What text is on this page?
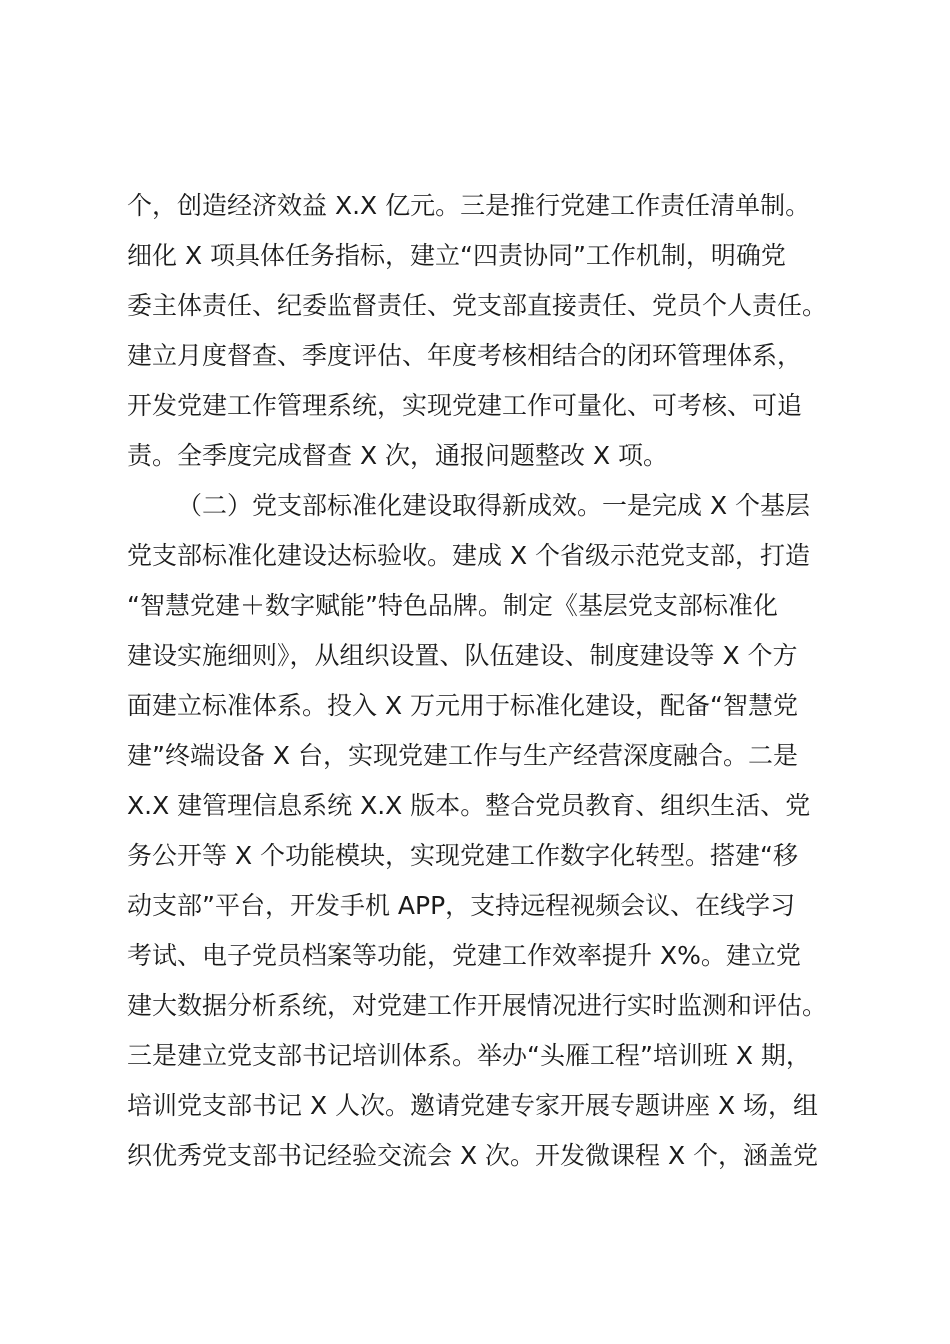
个，创造经济效益 X.X 亿元。三是推行党建工作责任清单制。
细化 X 项具体任务指标，建立“四责协同”工作机制，明确党
委主体责任、纪委监督责任、党支部直接责任、党员个人责任。
建立月度督查、季度评估、年度考核相结合的闭环管理体系，
开发党建工作管理系统，实现党建工作可量化、可考核、可追
责。全季度完成督查 X 次，通报问题整改 X 项。
（二）党支部标准化建设取得新成效。一是完成 X 个基层
党支部标准化建设达标验收。建成 X 个省级示范党支部，打造
“智慧党建＋数字赋能”特色品牌。制定《基层党支部标准化
建设实施细则》，从组织设置、队伍建设、制度建设等 X 个方
面建立标准体系。投入 X 万元用于标准化建设，配备“智慧党
建”终端设备 X 台，实现党建工作与生产经营深度融合。二是
X.X 建管理信息系统 X.X 版本。整合党员教育、组织生活、党
务公开等 X 个功能模块，实现党建工作数字化转型。搭建“移
动支部”平台，开发手机 APP，支持远程视频会议、在线学习
考试、电子党员档案等功能，党建工作效率提升 X%。建立党
建大数据分析系统，对党建工作开展情况进行实时监测和评估。
三是建立党支部书记培训体系。举办“头雁工程”培训班 X 期，
培训党支部书记 X 人次。邀请党建专家开展专题讲座 X 场，组
织优秀党支部书记经验交流会 X 次。开发微课程 X 个，涵盖党
